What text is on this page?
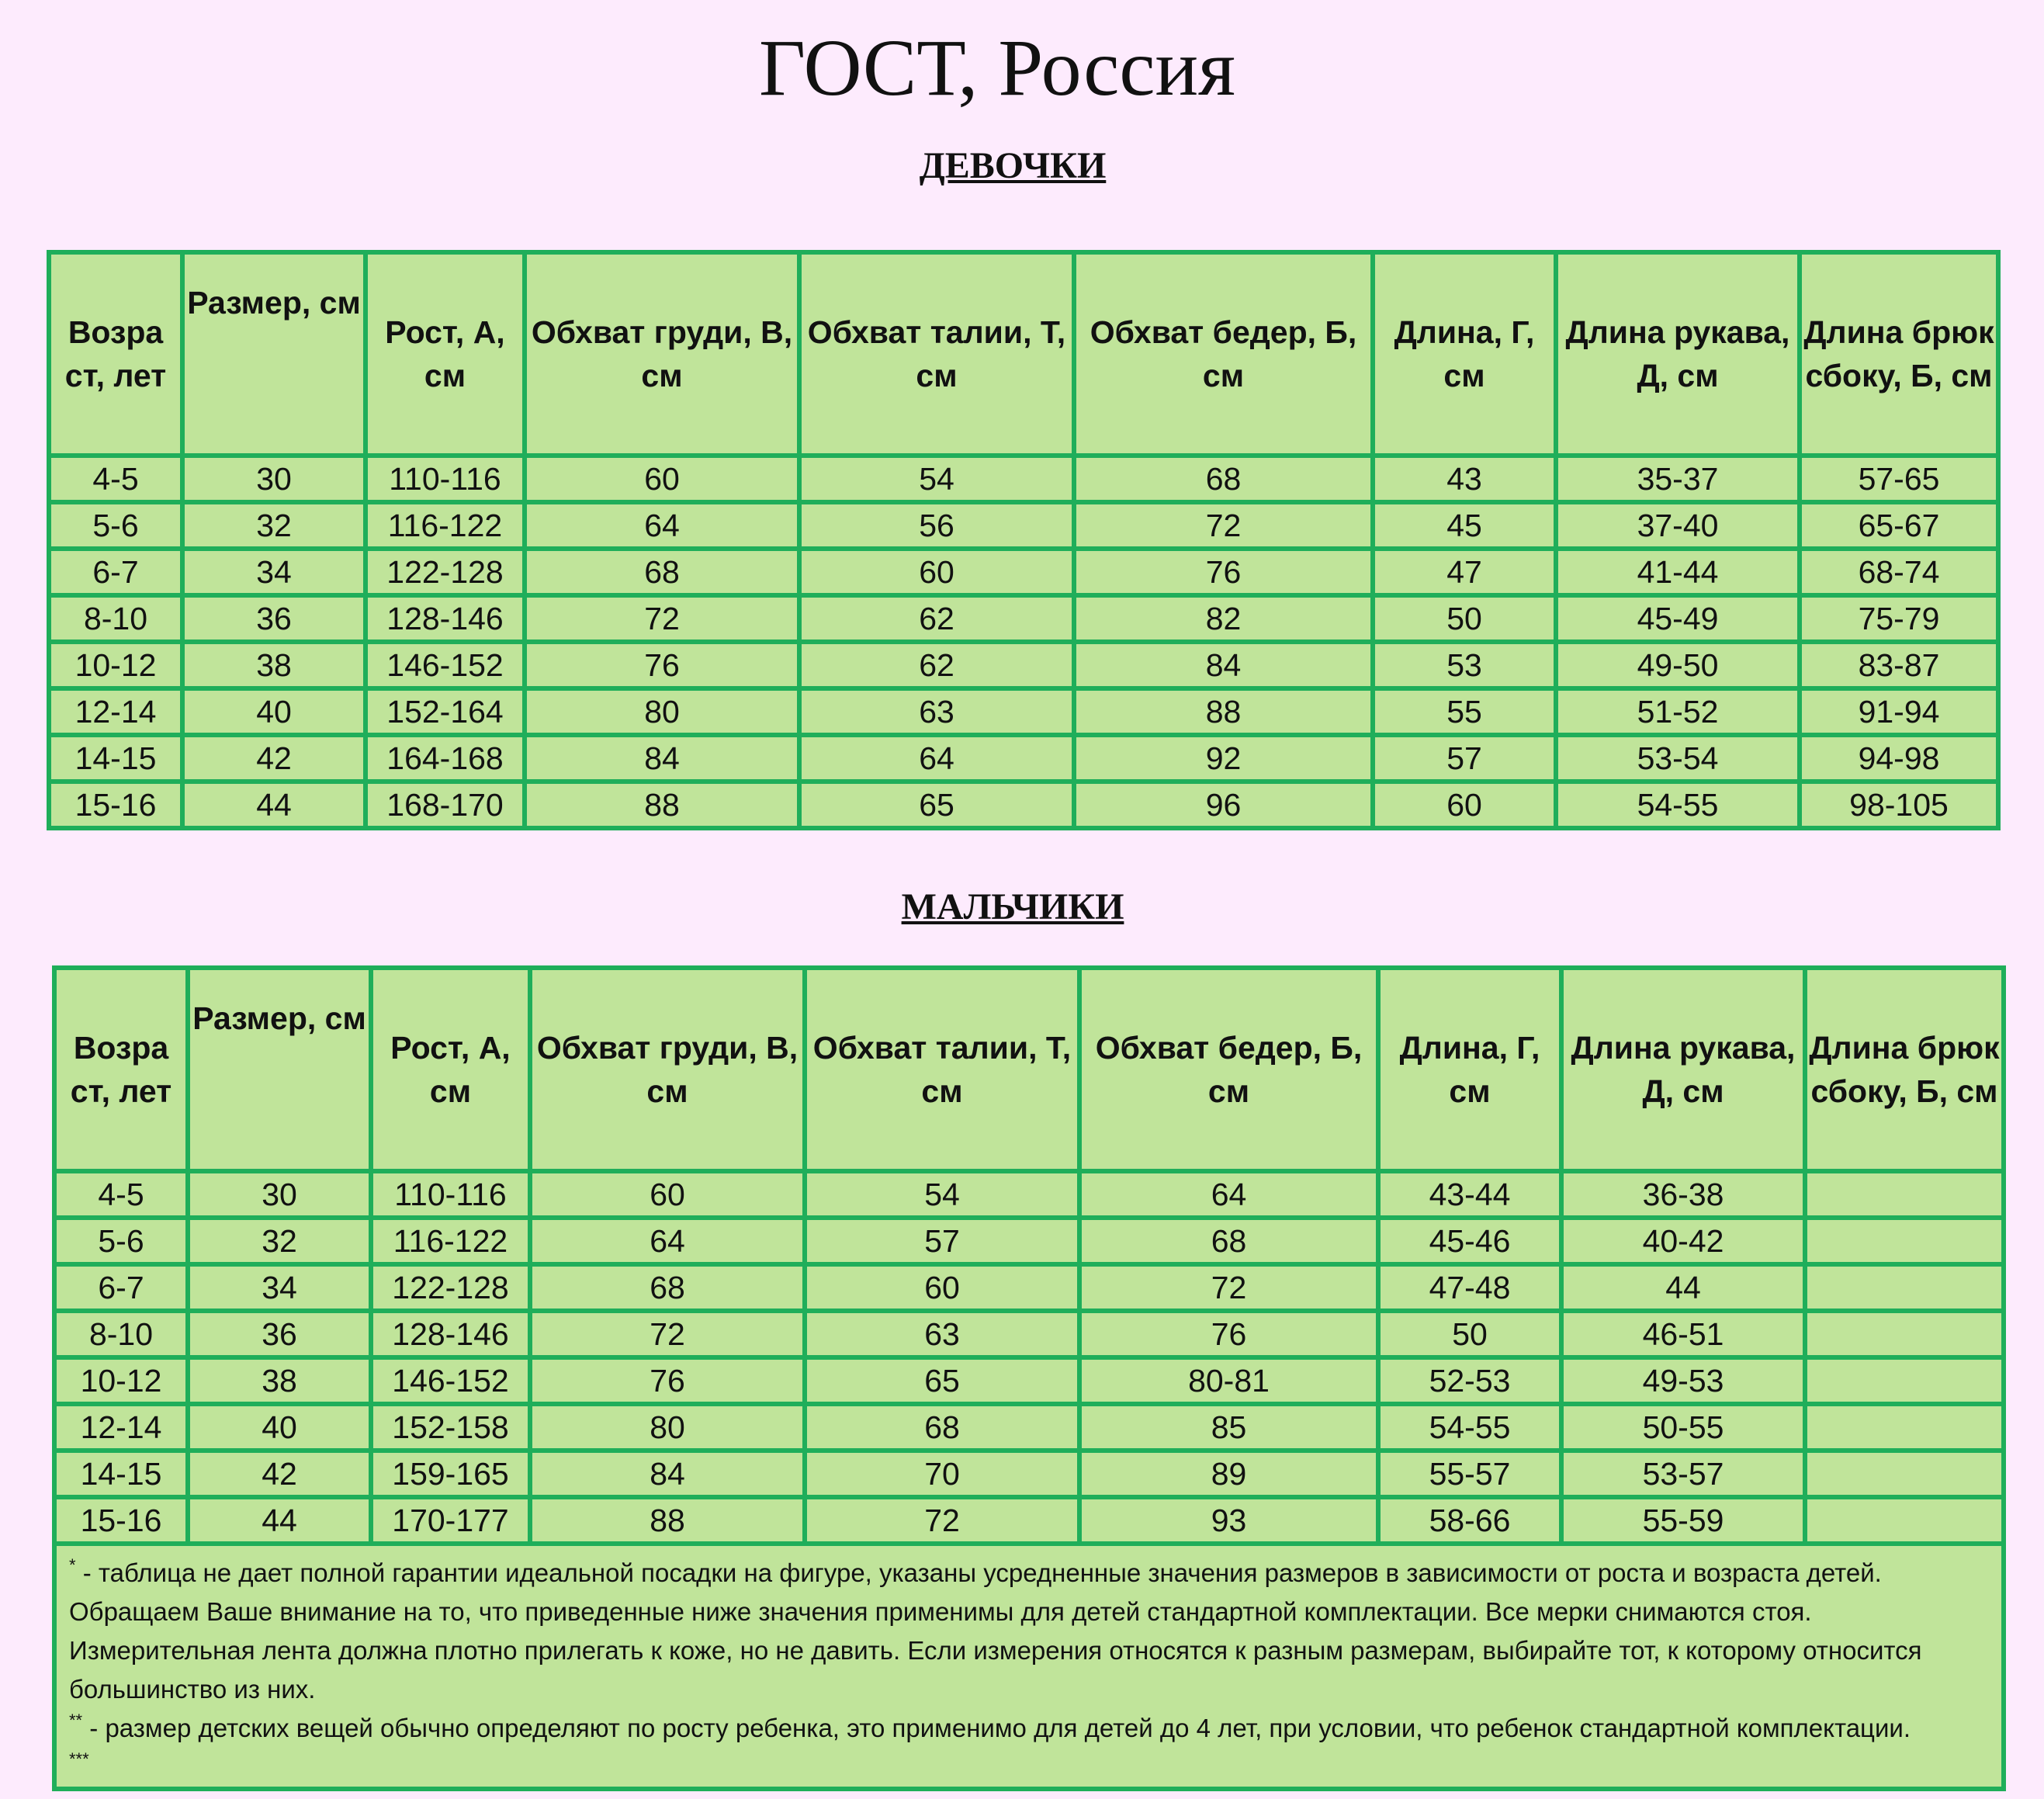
ГОСТ, Россия
ДЕВОЧКИ
Возра ст, лет	Размер, см	Рост, А, см	Обхват груди, В, см	Обхват талии, Т, см	Обхват бедер, Б, см	Длина, Г, см	Длина рукава, Д, см	Длина брюк сбоку, Б, см
4-5	30	110-116	60	54	68	43	35-37	57-65
5-6	32	116-122	64	56	72	45	37-40	65-67
6-7	34	122-128	68	60	76	47	41-44	68-74
8-10	36	128-146	72	62	82	50	45-49	75-79
10-12	38	146-152	76	62	84	53	49-50	83-87
12-14	40	152-164	80	63	88	55	51-52	91-94
14-15	42	164-168	84	64	92	57	53-54	94-98
15-16	44	168-170	88	65	96	60	54-55	98-105
МАЛЬЧИКИ
Возра ст, лет	Размер, см	Рост, А, см	Обхват груди, В, см	Обхват талии, Т, см	Обхват бедер, Б, см	Длина, Г, см	Длина рукава, Д, см	Длина брюк сбоку, Б, см
4-5	30	110-116	60	54	64	43-44	36-38	
5-6	32	116-122	64	57	68	45-46	40-42	
6-7	34	122-128	68	60	72	47-48	44	
8-10	36	128-146	72	63	76	50	46-51	
10-12	38	146-152	76	65	80-81	52-53	49-53	
12-14	40	152-158	80	68	85	54-55	50-55	
14-15	42	159-165	84	70	89	55-57	53-57	
15-16	44	170-177	88	72	93	58-66	55-59	

* - таблица не дает полной гарантии идеальной посадки на фигуре, указаны усредненные значения размеров в зависимости от роста и возраста детей. Обращаем Ваше внимание на то, что приведенные ниже значения применимы для детей стандартной комплектации. Все мерки снимаются стоя. Измерительная лента должна плотно прилегать к коже, но не давить. Если измерения относятся к разным размерам, выбирайте тот, к которому относится большинство из них.

** - размер детских вещей обычно определяют по росту ребенка, это применимо для детей до 4 лет, при условии, что ребенок стандартной комплектации.

***
